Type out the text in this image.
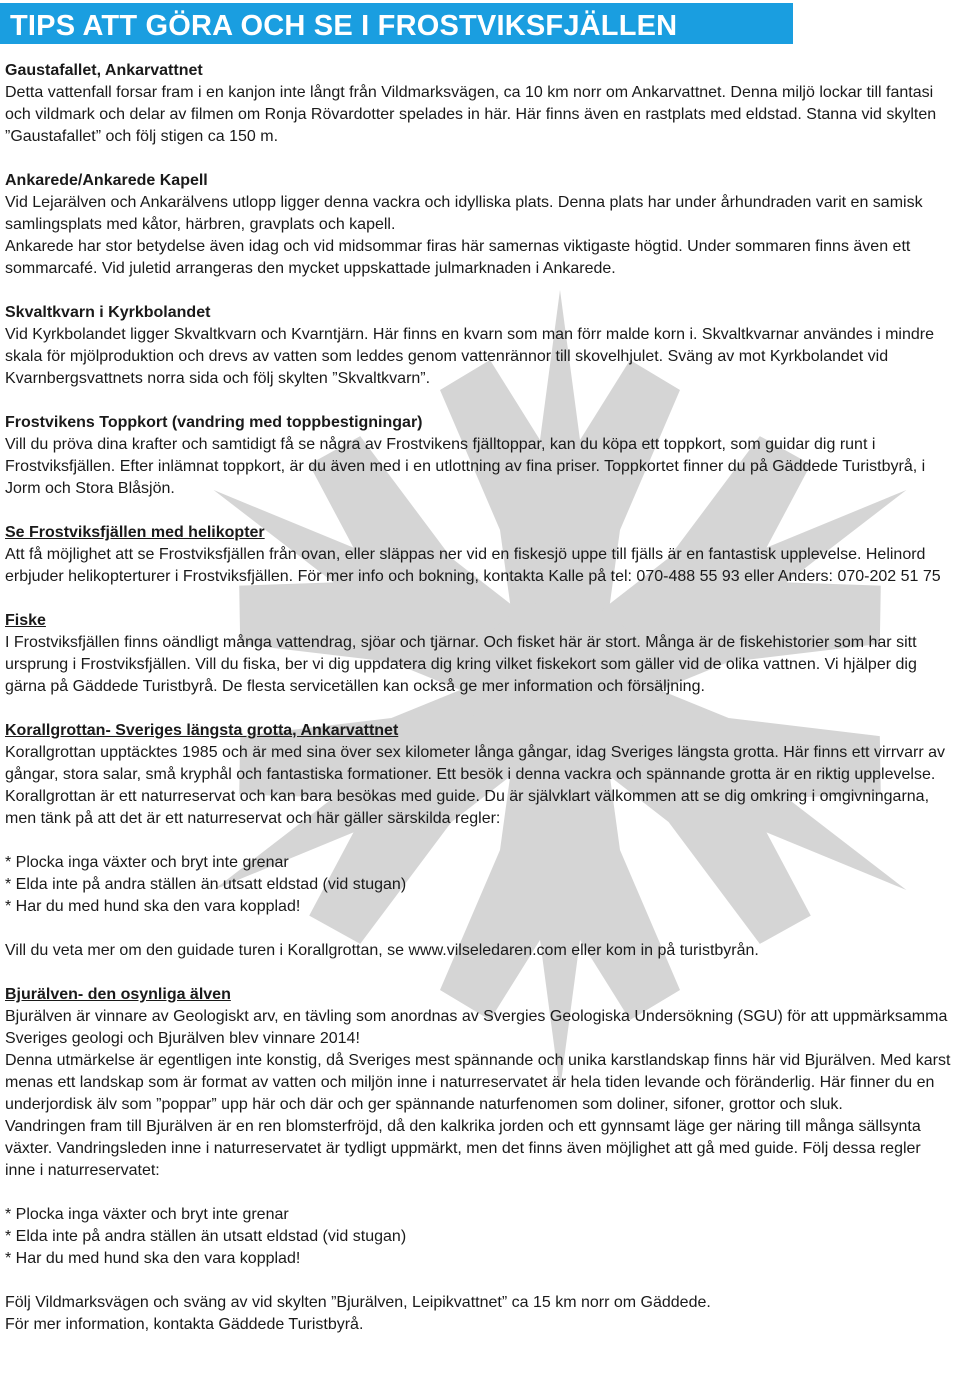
TIPS ATT GÖRA OCH SE I FROSTVIKSFJÄLLEN
Gaustafallet, Ankarvattnet

Detta vattenfall forsar fram i en kanjon inte långt från Vildmarksvägen, ca 10 km norr om Ankarvattnet. Denna miljö lockar till fantasi och vildmark och delar av filmen om Ronja Rövardotter spelades in här. Här finns även en rastplats med eldstad. Stanna vid skylten ”Gaustafallet” och följ stigen ca 150 m.

Ankarede/Ankarede Kapell

Vid Lejarälven och Ankarälvens utlopp ligger denna vackra och idylliska plats. Denna plats har under århundraden varit en samisk samlingsplats med kåtor, härbren, gravplats och kapell.

Ankarede har stor betydelse även idag och vid midsommar firas här samernas viktigaste högtid. Under sommaren finns även ett sommarcafé. Vid juletid arrangeras den mycket uppskattade julmarknaden i Ankarede.

Skvaltkvarn i Kyrkbolandet

Vid Kyrkbolandet ligger Skvaltkvarn och Kvarntjärn. Här finns en kvarn som man förr malde korn i. Skvaltkvarnar användes i mindre skala för mjölproduktion och drevs av vatten som leddes genom vattenrännor till skovelhjulet. Sväng av mot Kyrkbolandet vid Kvarnbergsvattnets norra sida och följ skylten ”Skvaltkvarn”.

Frostvikens Toppkort (vandring med toppbestigningar)

Vill du pröva dina krafter och samtidigt få se några av Frostvikens fjälltoppar, kan du köpa ett toppkort, som guidar dig runt i Frostviksfjällen. Efter inlämnat toppkort, är du även med i en utlottning av fina priser. Toppkortet finner du på Gäddede Turistbyrå, i Jorm och Stora Blåsjön.

Se Frostviksfjällen med helikopter

Att få möjlighet att se Frostviksfjällen från ovan, eller släppas ner vid en fiskesjö uppe till fjälls är en fantastisk upplevelse. Helinord erbjuder helikopterturer i Frostviksfjällen. För mer info och bokning, kontakta Kalle på tel: 070-488 55 93 eller Anders: 070-202 51 75

Fiske

I Frostviksfjällen finns oändligt många vattendrag, sjöar och tjärnar. Och fisket här är stort. Många är de fiskehistorier som har sitt ursprung i Frostviksfjällen. Vill du fiska, ber vi dig uppdatera dig kring vilket fiskekort som gäller vid de olika vattnen. Vi hjälper dig gärna på Gäddede Turistbyrå. De flesta servicetällen kan också ge mer information och försäljning.

Korallgrottan- Sveriges längsta grotta, Ankarvattnet

Korallgrottan upptäcktes 1985 och är med sina över sex kilometer långa gångar, idag Sveriges längsta grotta. Här finns ett virrvarr av gångar, stora salar, små kryphål och fantastiska formationer. Ett besök i denna vackra och spännande grotta är en riktig upplevelse. Korallgrottan är ett naturreservat och kan bara besökas med guide. Du är självklart välkommen att se dig omkring i omgivningarna, men tänk på att det är ett naturreservat och här gäller särskilda regler:

* Plocka inga växter och bryt inte grenar
* Elda inte på andra ställen än utsatt eldstad (vid stugan)
* Har du med hund ska den vara kopplad!

Vill du veta mer om den guidade turen i Korallgrottan, se www.vilseledaren.com eller kom in på turistbyrån.

Bjurälven- den osynliga älven

Bjurälven är vinnare av Geologiskt arv, en tävling som anordnas av Svergies Geologiska Undersökning (SGU) för att uppmärksamma Sveriges geologi och Bjurälven blev vinnare 2014!

Denna utmärkelse är egentligen inte konstig, då Sveriges mest spännande och unika karstlandskap finns här vid Bjurälven. Med karst menas ett landskap som är format av vatten och miljön inne i naturreservatet är hela tiden levande och föränderlig. Här finner du en underjordisk älv som ”poppar” upp här och där och ger spännande naturfenomen som doliner, sifoner, grottor och sluk.

Vandringen fram till Bjurälven är en ren blomsterfröjd, då den kalkrika jorden och ett gynnsamt läge ger näring till många sällsynta växter. Vandringsleden inne i naturreservatet är tydligt uppmärkt, men det finns även möjlighet att gå med guide. Följ dessa regler inne i naturreservatet:

* Plocka inga växter och bryt inte grenar
* Elda inte på andra ställen än utsatt eldstad (vid stugan)
* Har du med hund ska den vara kopplad!

Följ Vildmarksvägen och sväng av vid skylten ”Bjurälven, Leipikvattnet” ca 15 km norr om Gäddede.

För mer information, kontakta Gäddede Turistbyrå.
